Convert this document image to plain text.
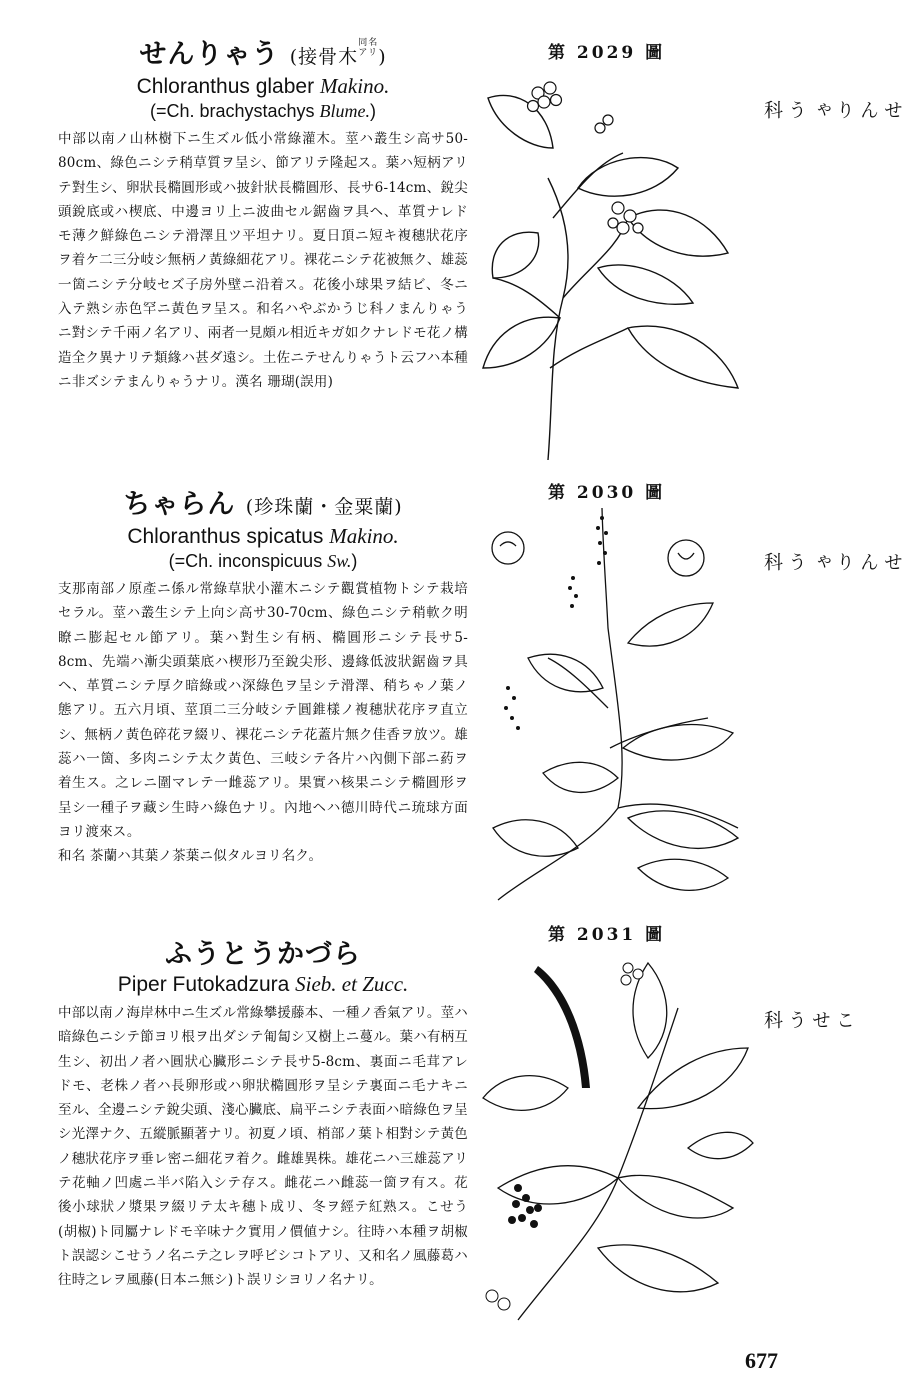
せんりゃう (接骨木同名
アリ)
Chloranthus glaber Makino.
(=Ch. brachystachys Blume.)
中部以南ノ山林樹下ニ生ズル低小常綠灌木。莖ハ叢生シ高サ50-80cm、綠色ニシテ稍草質ヲ呈シ、節アリテ隆起ス。葉ハ短柄アリテ對生シ、卵狀長橢圓形或ハ披針狀長橢圓形、長サ6-14cm、銳尖頭銳底或ハ楔底、中邊ヨリ上ニ波曲セル鋸齒ヲ具ヘ、革質ナレドモ薄ク鮮綠色ニシテ滑澤且ツ平坦ナリ。夏日頂ニ短キ複穗狀花序ヲ着ケ二三分岐シ無柄ノ黃綠細花アリ。裸花ニシテ花被無ク、雄蕊一箇ニシテ分岐セズ子房外壁ニ沿着ス。花後小球果ヲ結ビ、冬ニ入テ熟シ赤色罕ニ黃色ヲ呈ス。和名ハやぶかうじ科ノまんりゃうニ對シテ千兩ノ名アリ、兩者一見頗ル相近キガ如クナレドモ花ノ構造全ク異ナリテ類緣ハ甚ダ遠シ。土佐ニテせんりゃうト云フハ本種ニ非ズシテまんりゃうナリ。漢名 珊瑚(誤用)
第 2029 圖
せんりゃう科
ちゃらん (珍珠蘭・金粟蘭)
Chloranthus spicatus Makino.
(=Ch. inconspicuus Sw.)
支那南部ノ原產ニ係ル常綠草狀小灌木ニシテ觀賞植物トシテ栽培セラル。莖ハ叢生シテ上向シ高サ30-70cm、綠色ニシテ稍軟ク明瞭ニ膨起セル節アリ。葉ハ對生シ有柄、橢圓形ニシテ長サ5-8cm、先端ハ漸尖頭葉底ハ楔形乃至銳尖形、邊緣低波狀鋸齒ヲ具ヘ、革質ニシテ厚ク暗綠或ハ深綠色ヲ呈シテ滑澤、稍ちゃノ葉ノ態アリ。五六月頃、莖頂二三分岐シテ圓錐樣ノ複穗狀花序ヲ直立シ、無柄ノ黃色碎花ヲ綴リ、裸花ニシテ花蓋片無ク佳香ヲ放ツ。雄蕊ハ一箇、多肉ニシテ太ク黃色、三岐シテ各片ハ內側下部ニ葯ヲ着生ス。之レニ圍マレテ一雌蕊アリ。果實ハ核果ニシテ橢圓形ヲ呈シ一種子ヲ藏シ生時ハ綠色ナリ。內地ヘハ德川時代ニ琉球方面ヨリ渡來ス。
和名 茶蘭ハ其葉ノ茶葉ニ似タルヨリ名ク。
第 2030 圖
せんりゃう科
ふうとうかづら
Piper Futokadzura Sieb. et Zucc.
中部以南ノ海岸林中ニ生ズル常綠攀援藤本、一種ノ香氣アリ。莖ハ暗綠色ニシテ節ヨリ根ヲ出ダシテ匍匐シ又樹上ニ蔓ル。葉ハ有柄互生シ、初出ノ者ハ圓狀心臟形ニシテ長サ5-8cm、裏面ニ毛茸アレドモ、老株ノ者ハ長卵形或ハ卵狀橢圓形ヲ呈シテ裏面ニ毛ナキニ至ル、全邊ニシテ銳尖頭、淺心臟底、扁平ニシテ表面ハ暗綠色ヲ呈シ光澤ナク、五縱脈顯著ナリ。初夏ノ頃、梢部ノ葉ト相對シテ黃色ノ穗狀花序ヲ垂レ密ニ細花ヲ着ク。雌雄異株。雄花ニハ三雄蕊アリテ花軸ノ凹處ニ半バ陷入シテ存ス。雌花ニハ雌蕊一箇ヲ有ス。花後小球狀ノ漿果ヲ綴リテ太キ穗ト成リ、冬ヲ經テ紅熟ス。こせう(胡椒)ト同屬ナレドモ辛味ナク實用ノ價値ナシ。往時ハ本種ヲ胡椒ト誤認シこせうノ名ニテ之レヲ呼ビシコトアリ、又和名ノ風藤葛ハ往時之レヲ風藤(日本ニ無シ)ト誤リシヨリノ名ナリ。
第 2031 圖
こせう科
677
